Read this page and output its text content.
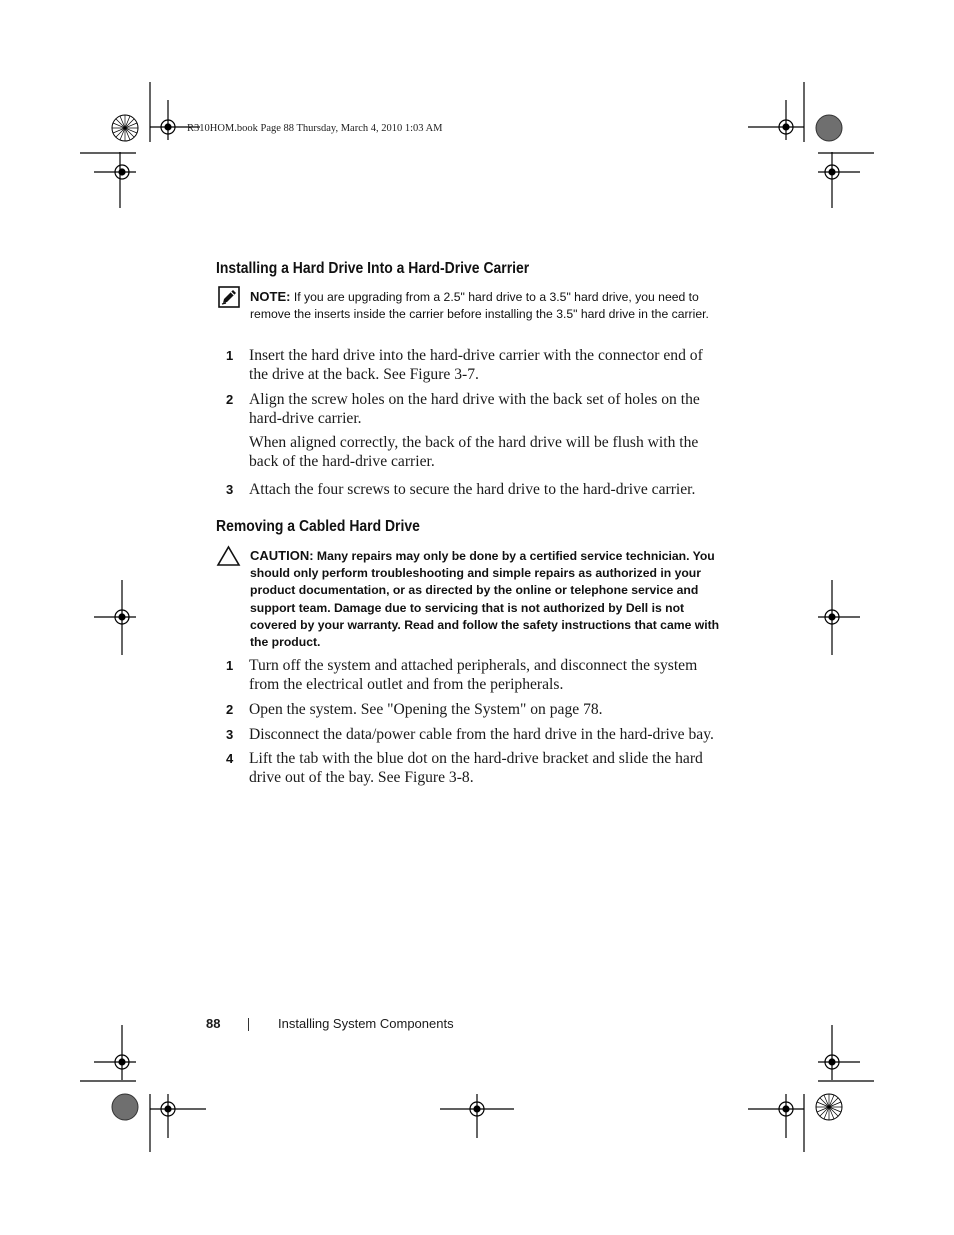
R310HOM.book Page 88 Thursday, March 4, 2010 1:03 AM
Installing a Hard Drive Into a Hard-Drive Carrier
NOTE: If you are upgrading from a 2.5" hard drive to a 3.5" hard drive, you need to remove the inserts inside the carrier before installing the 3.5" hard drive in the carrier.
1 Insert the hard drive into the hard-drive carrier with the connector end of the drive at the back. See Figure 3-7.
2 Align the screw holes on the hard drive with the back set of holes on the hard-drive carrier.
When aligned correctly, the back of the hard drive will be flush with the back of the hard-drive carrier.
3 Attach the four screws to secure the hard drive to the hard-drive carrier.
Removing a Cabled Hard Drive
CAUTION: Many repairs may only be done by a certified service technician. You should only perform troubleshooting and simple repairs as authorized in your product documentation, or as directed by the online or telephone service and support team. Damage due to servicing that is not authorized by Dell is not covered by your warranty. Read and follow the safety instructions that came with the product.
1 Turn off the system and attached peripherals, and disconnect the system from the electrical outlet and from the peripherals.
2 Open the system. See "Opening the System" on page 78.
3 Disconnect the data/power cable from the hard drive in the hard-drive bay.
4 Lift the tab with the blue dot on the hard-drive bracket and slide the hard drive out of the bay. See Figure 3-8.
88	Installing System Components
